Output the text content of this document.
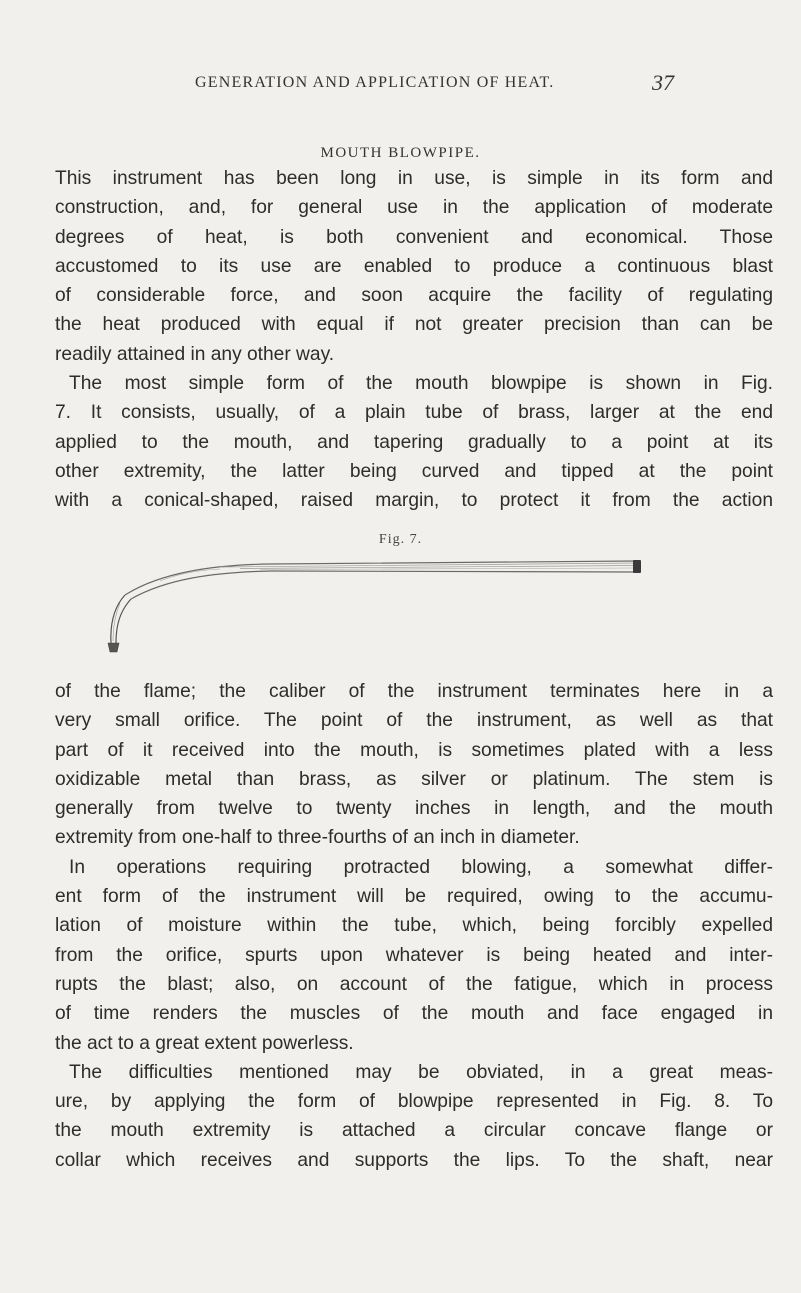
GENERATION AND APPLICATION OF HEAT.	37
MOUTH BLOWPIPE.
This instrument has been long in use, is simple in its form and
construction, and, for general use in the application of moderate
degrees of heat, is both convenient and economical. Those
accustomed to its use are enabled to produce a continuous blast
of considerable force, and soon acquire the facility of regulating
the heat produced with equal if not greater precision than can be
readily attained in any other way.
The most simple form of the mouth blowpipe is shown in Fig.
7. It consists, usually, of a plain tube of brass, larger at the end
applied to the mouth, and tapering gradually to a point at its
other extremity, the latter being curved and tipped at the point
with a conical-shaped, raised margin, to protect it from the action
Fig. 7.
of the flame; the caliber of the instrument terminates here in a
very small orifice. The point of the instrument, as well as that
part of it received into the mouth, is sometimes plated with a less
oxidizable metal than brass, as silver or platinum. The stem is
generally from twelve to twenty inches in length, and the mouth
extremity from one-half to three-fourths of an inch in diameter.
In operations requiring protracted blowing, a somewhat differ-
ent form of the instrument will be required, owing to the accumu-
lation of moisture within the tube, which, being forcibly expelled
from the orifice, spurts upon whatever is being heated and inter-
rupts the blast; also, on account of the fatigue, which in process
of time renders the muscles of the mouth and face engaged in
the act to a great extent powerless.
The difficulties mentioned may be obviated, in a great meas-
ure, by applying the form of blowpipe represented in Fig. 8. To
the mouth extremity is attached a circular concave flange or
collar which receives and supports the lips. To the shaft, near
